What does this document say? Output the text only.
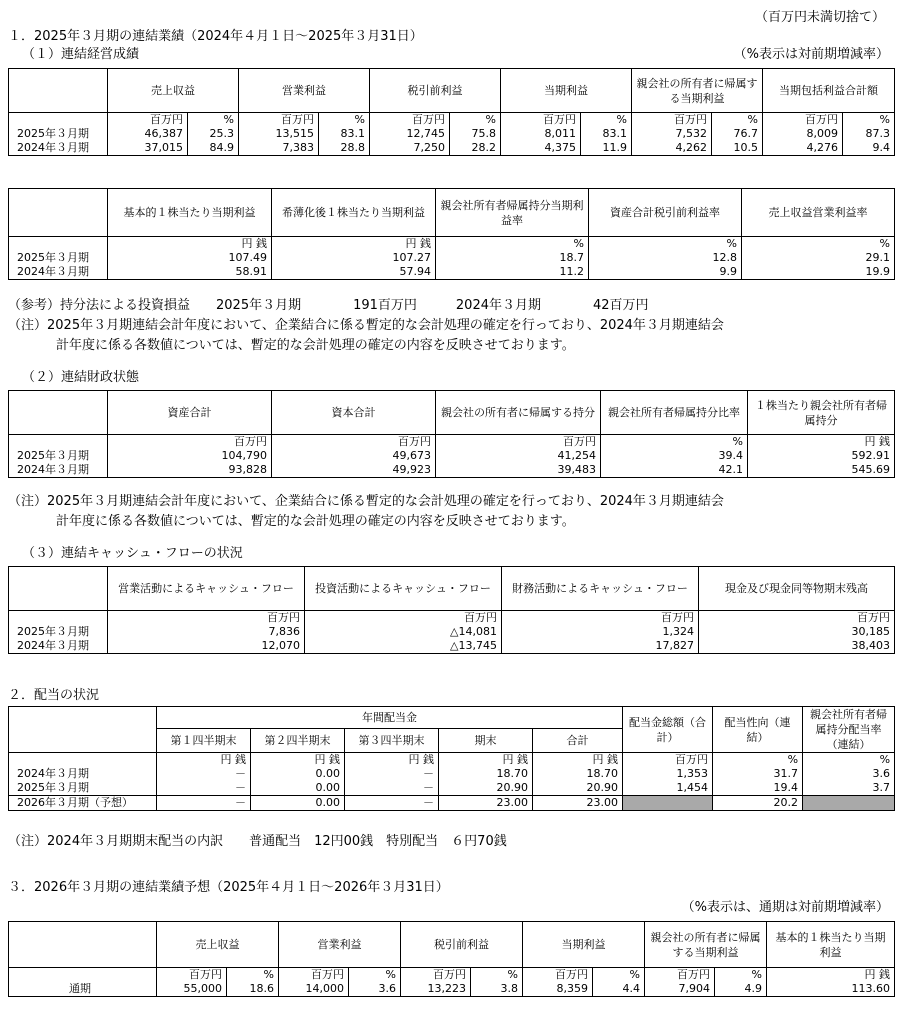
（百万円未満切捨て）
１．2025年３月期の連結業績（2024年４月１日～2025年３月31日）
（１）連結経営成績	（%表示は対前期増減率）
	売上収益		営業利益		税引前利益		当期利益		親会社の所有者に帰属する当期利益		当期包括利益合計額	
	百万円	%	百万円	%	百万円	%	百万円	%	百万円	%	百万円	%
2025年３月期	46,387	25.3	13,515	83.1	12,745	75.8	8,011	83.1	7,532	76.7	8,009	87.3
2024年３月期	37,015	84.9	7,383	28.8	7,250	28.2	4,375	11.9	4,262	10.5	4,276	9.4
	基本的１株当たり当期利益	希薄化後１株当たり当期利益	親会社所有者帰属持分当期利益率	資産合計税引前利益率	売上収益営業利益率
	円 銭	円 銭	%	%	%
2025年３月期	107.49	107.27	18.7	12.8	29.1
2024年３月期	58.91	57.94	11.2	9.9	19.9
（参考）持分法による投資損益　　2025年３月期　　　　191百万円　　　2024年３月期　　　　42百万円
（注）2025年３月期連結会計年度において、企業結合に係る暫定的な会計処理の確定を行っており、2024年３月期連結会
計年度に係る各数値については、暫定的な会計処理の確定の内容を反映させております。
（２）連結財政状態
	資産合計	資本合計	親会社の所有者に帰属する持分	親会社所有者帰属持分比率	１株当たり親会社所有者帰属持分
	百万円	百万円	百万円	%	円 銭
2025年３月期	104,790	49,673	41,254	39.4	592.91
2024年３月期	93,828	49,923	39,483	42.1	545.69
（注）2025年３月期連結会計年度において、企業結合に係る暫定的な会計処理の確定を行っており、2024年３月期連結会
計年度に係る各数値については、暫定的な会計処理の確定の内容を反映させております。
（３）連結キャッシュ・フローの状況
	営業活動によるキャッシュ・フロー	投資活動によるキャッシュ・フロー	財務活動によるキャッシュ・フロー	現金及び現金同等物期末残高
	百万円	百万円	百万円	百万円
2025年３月期	7,836	△14,081	1,324	30,185
2024年３月期	12,070	△13,745	17,827	38,403
２．配当の状況
	年間配当金					配当金総額（合計）	配当性向（連結）	親会社所有者帰属持分配当率（連結）
	第１四半期末	第２四半期末	第３四半期末	期末	合計			
	円 銭	円 銭	円 銭	円 銭	円 銭	百万円	%	%
2024年３月期	－	0.00	－	18.70	18.70	1,353	31.7	3.6
2025年３月期	－	0.00	－	20.90	20.90	1,454	19.4	3.7
2026年３月期（予想）	－	0.00	－	23.00	23.00		20.2	
（注）2024年３月期期末配当の内訳　　普通配当　12円00銭　特別配当　６円70銭
３．2026年３月期の連結業績予想（2025年４月１日～2026年３月31日）
（%表示は、通期は対前期増減率）
	売上収益		営業利益		税引前利益		当期利益		親会社の所有者に帰属する当期利益		基本的１株当たり当期利益
	百万円	%	百万円	%	百万円	%	百万円	%	百万円	%	円 銭
通期	55,000	18.6	14,000	3.6	13,223	3.8	8,359	4.4	7,904	4.9	113.60
